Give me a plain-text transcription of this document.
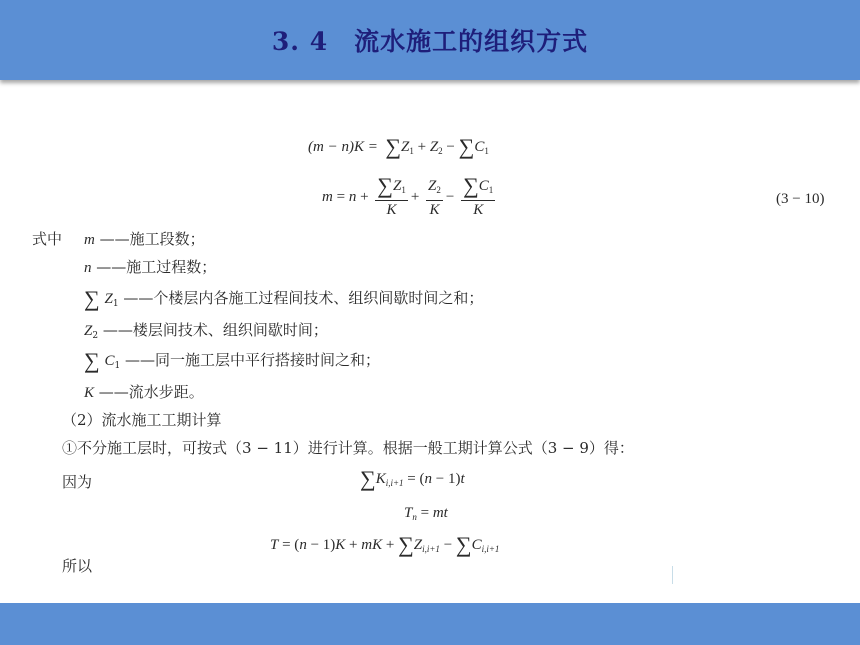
3. 4　流水施工的组织方式
$(m - n)K = \sum Z_1 + Z_2 - \sum C_1$
$m = n + \frac{\sum Z_1}{K} + \frac{Z_2}{K} - \frac{\sum C_1}{K}$	(3 − 10)
式中 m ——施工段数；
n ——施工过程数；
∑ $Z_1$ ——个楼层内各施工过程间技术、组织间歇时间之和；
$Z_2$ ——楼层间技术、组织间歇时间；
∑ $C_1$ ——同一施工层中平行搭接时间之和；
K ——流水步距。
（2）流水施工工期计算
①不分施工层时，可按式（3 − 11）进行计算。根据一般工期计算公式（3 − 9）得：
因为	$\sum K_{i,i+1} = (n - 1)t$
$T_n$ = mt
T = (n − 1)K + mK + $\sum Z_{i,i+1} - \sum C_{i,i+1}$
所以
